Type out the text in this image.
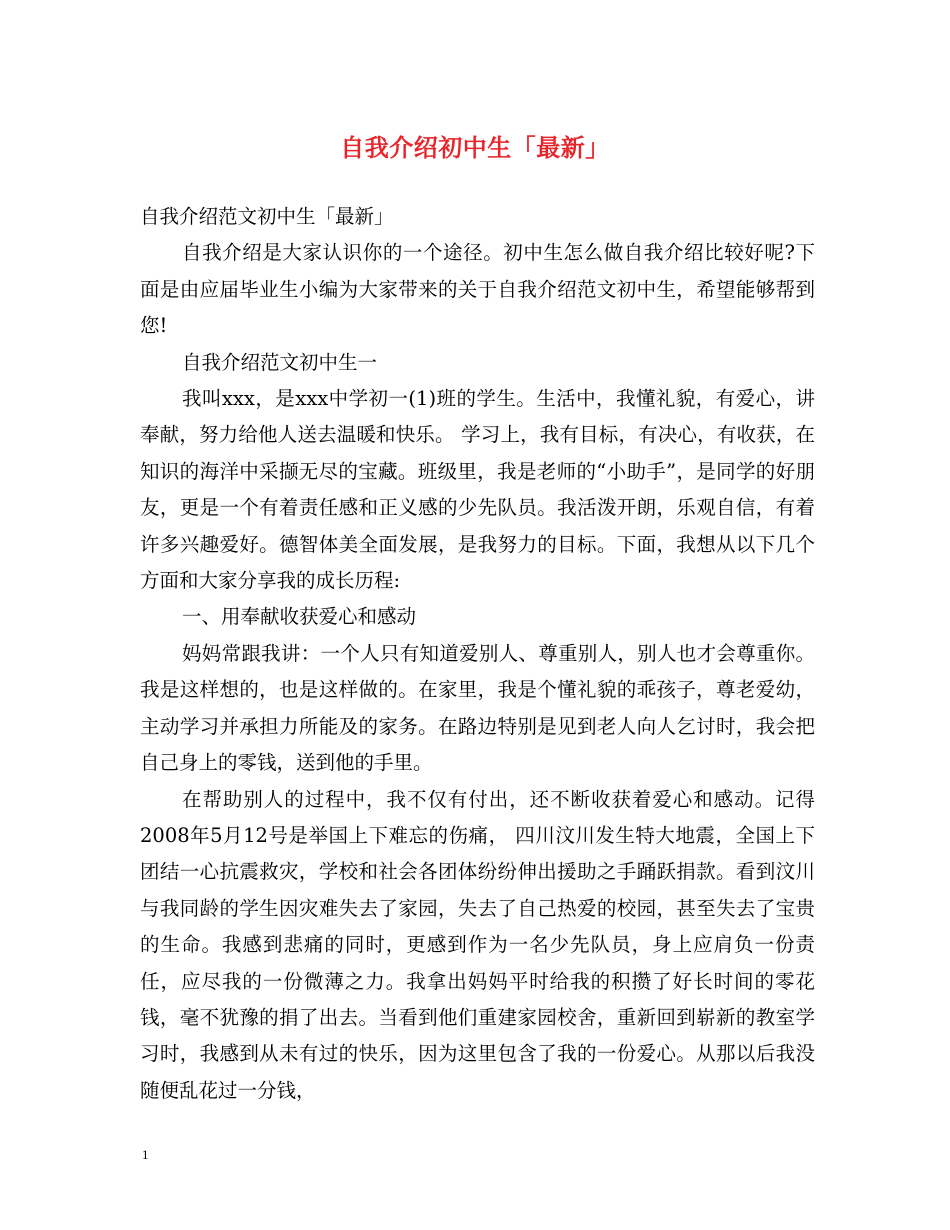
自我介绍初中生「最新」

自我介绍范文初中生「最新」

自我介绍是大家认识你的一个途径。初中生怎么做自我介绍比较好呢?下面是由应届毕业生小编为大家带来的关于自我介绍范文初中生，希望能够帮到您!

自我介绍范文初中生一

我叫xxx，是xxx中学初一(1)班的学生。生活中，我懂礼貌，有爱心，讲奉献，努力给他人送去温暖和快乐。 学习上，我有目标，有决心，有收获，在知识的海洋中采撷无尽的宝藏。班级里，我是老师的“小助手”，是同学的好朋友，更是一个有着责任感和正义感的少先队员。我活泼开朗，乐观自信，有着许多兴趣爱好。德智体美全面发展，是我努力的目标。下面，我想从以下几个方面和大家分享我的成长历程:

一、用奉献收获爱心和感动

妈妈常跟我讲：一个人只有知道爱别人、尊重别人，别人也才会尊重你。我是这样想的，也是这样做的。在家里，我是个懂礼貌的乖孩子，尊老爱幼，主动学习并承担力所能及的家务。在路边特别是见到老人向人乞讨时，我会把自己身上的零钱，送到他的手里。

在帮助别人的过程中，我不仅有付出，还不断收获着爱心和感动。记得2008年5月12号是举国上下难忘的伤痛， 四川汶川发生特大地震，全国上下团结一心抗震救灾，学校和社会各团体纷纷伸出援助之手踊跃捐款。看到汶川与我同龄的学生因灾难失去了家园，失去了自己热爱的校园，甚至失去了宝贵的生命。我感到悲痛的同时，更感到作为一名少先队员，身上应肩负一份责任，应尽我的一份微薄之力。我拿出妈妈平时给我的积攒了好长时间的零花钱，毫不犹豫的捐了出去。当看到他们重建家园校舍，重新回到崭新的教室学习时，我感到从未有过的快乐，因为这里包含了我的一份爱心。从那以后我没随便乱花过一分钱，

1
